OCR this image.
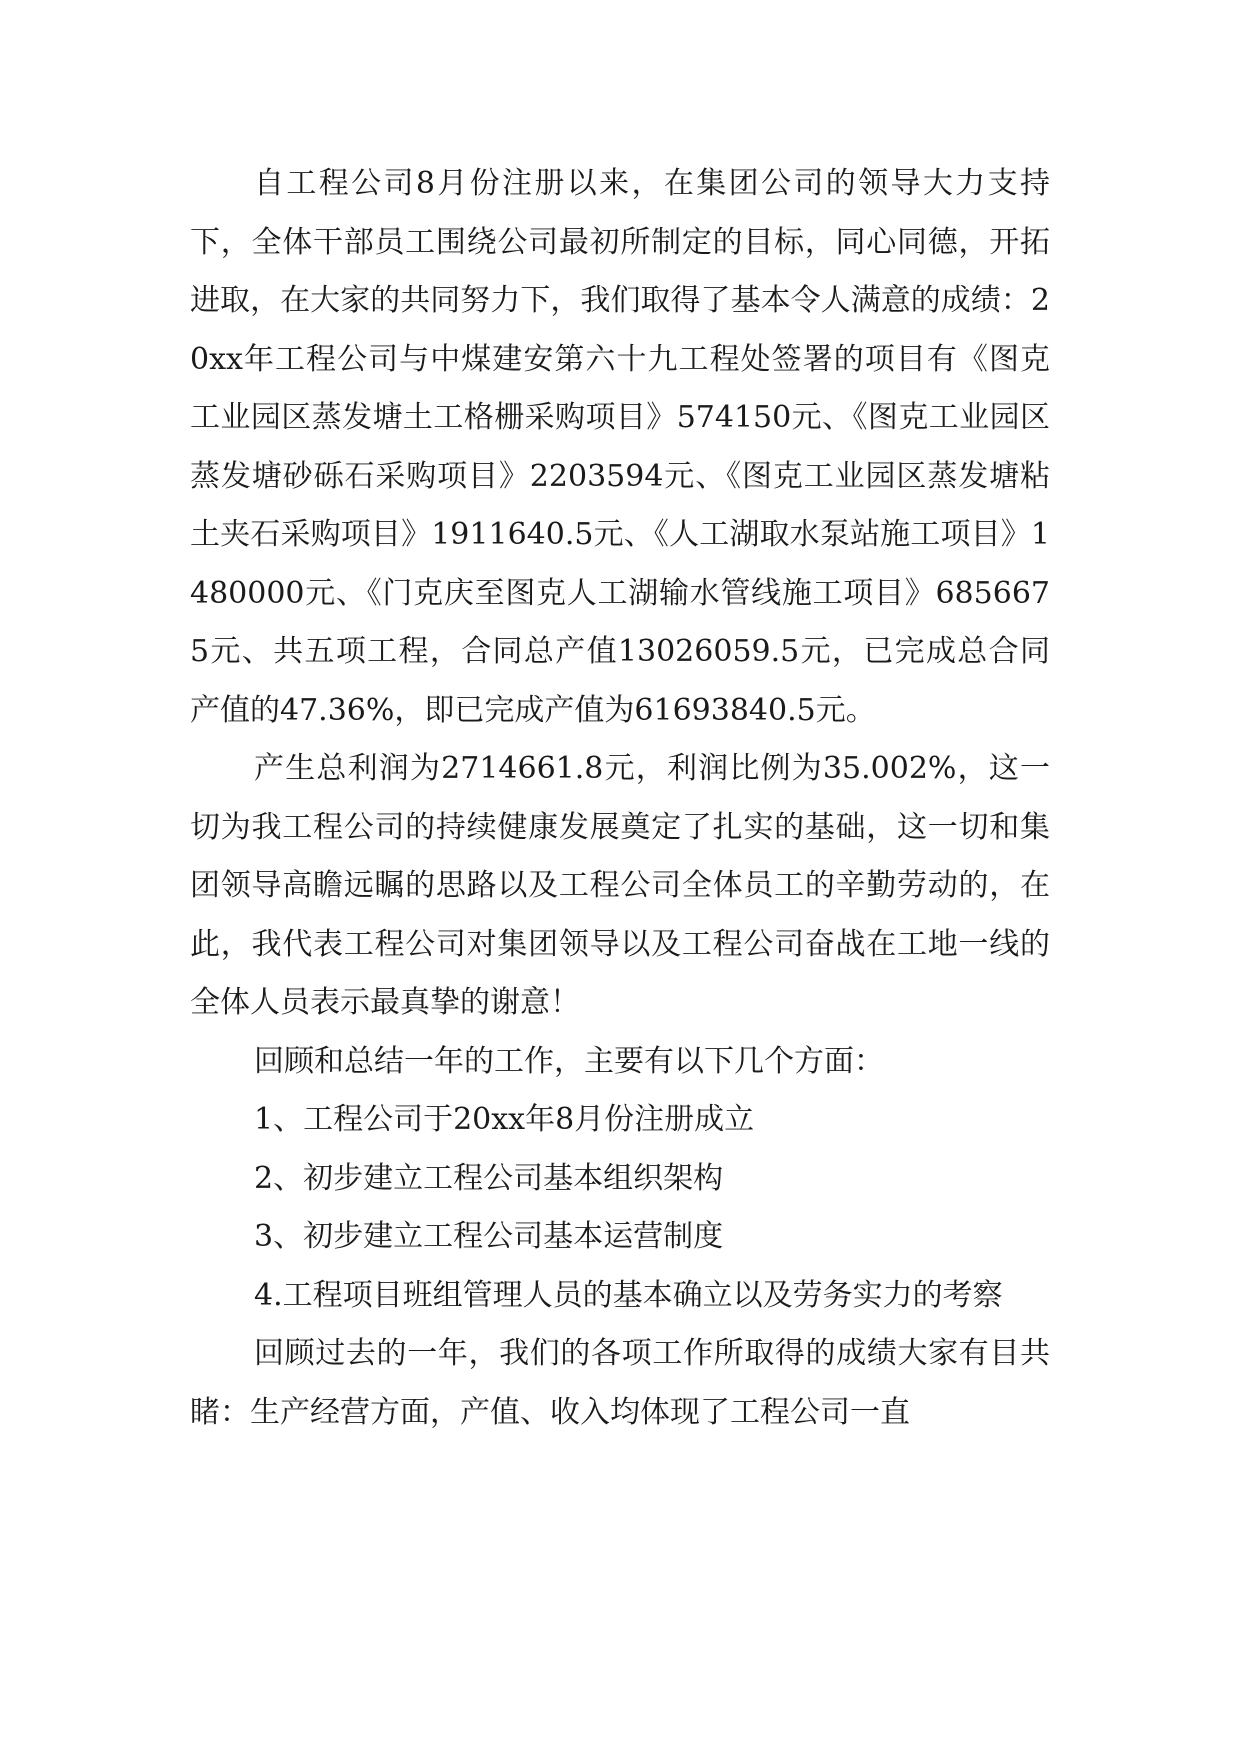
自工程公司8月份注册以来，在集团公司的领导大力支持下，全体干部员工围绕公司最初所制定的目标，同心同德，开拓进取，在大家的共同努力下，我们取得了基本令人满意的成绩：20xx年工程公司与中煤建安第六十九工程处签署的项目有《图克工业园区蒸发塘土工格栅采购项目》574150元、《图克工业园区蒸发塘砂砾石采购项目》2203594元、《图克工业园区蒸发塘粘土夹石采购项目》1911640.5元、《人工湖取水泵站施工项目》1480000元、《门克庆至图克人工湖输水管线施工项目》6856675元、共五项工程，合同总产值13026059.5元，已完成总合同产值的47.36%，即已完成产值为61693840.5元。

产生总利润为2714661.8元，利润比例为35.002%，这一切为我工程公司的持续健康发展奠定了扎实的基础，这一切和集团领导高瞻远瞩的思路以及工程公司全体员工的辛勤劳动的，在此，我代表工程公司对集团领导以及工程公司奋战在工地一线的全体人员表示最真挚的谢意！

回顾和总结一年的工作，主要有以下几个方面：

1、工程公司于20xx年8月份注册成立

2、初步建立工程公司基本组织架构

3、初步建立工程公司基本运营制度

4.工程项目班组管理人员的基本确立以及劳务实力的考察

回顾过去的一年，我们的各项工作所取得的成绩大家有目共睹：生产经营方面，产值、收入均体现了工程公司一直
